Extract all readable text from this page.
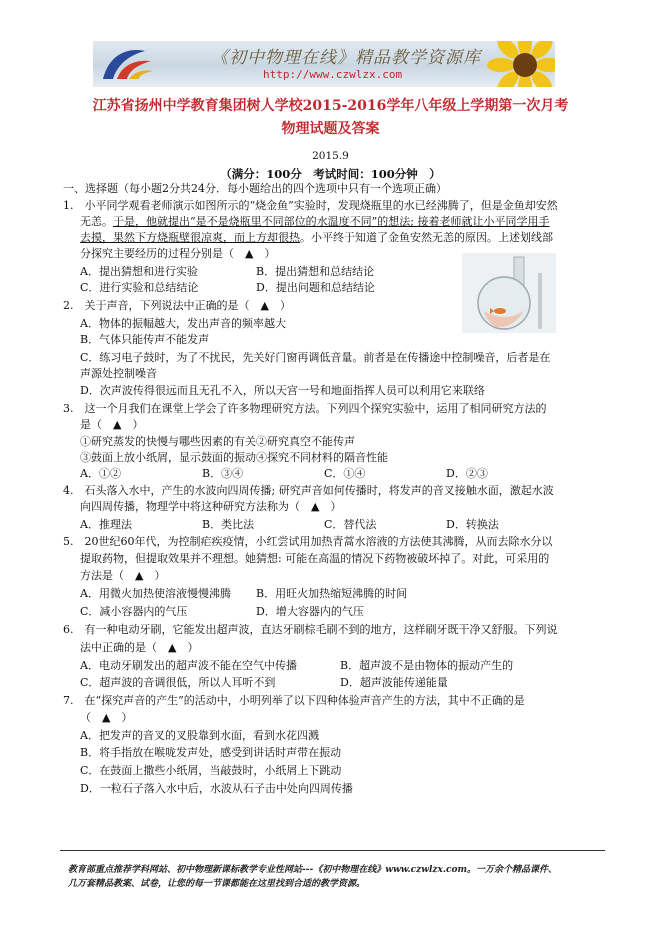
《初中物理在线》精品教学资源库
http://www.czwlzx.com
江苏省扬州中学教育集团树人学校2015-2016学年八年级上学期第一次月考
物理试题及答案
2015.9
（满分：100分　考试时间：100分钟　）
一、选择题（每小题2分共24分．每小题给出的四个选项中只有一个选项正确）
1.　小平同学观看老师演示如图所示的“烧金鱼”实验时，发现烧瓶里的水已经沸腾了，但是金鱼却安然
无恙。于是，他就提出“是不是烧瓶里不同部位的水温度不同”的想法; 接着老师就让小平同学用手
去摸，果然下方烧瓶壁很凉爽，而上方却很热。小平终于知道了金鱼安然无恙的原因。上述划线部
分探究主要经历的过程分别是（　▲　）
A．提出猜想和进行实验	B．提出猜想和总结结论
C．进行实验和总结结论	D．提出问题和总结结论
2.　关于声音，下列说法中正确的是（　▲　）
A．物体的振幅越大，发出声音的频率越大
B．气体只能传声不能发声
C．练习电子鼓时，为了不扰民，先关好门窗再调低音量。前者是在传播途中控制噪音，后者是在
声源处控制噪音
D．次声波传得很远而且无孔不入，所以天宫一号和地面指挥人员可以利用它来联络
3.　这一个月我们在课堂上学会了许多物理研究方法。下列四个探究实验中，运用了相同研究方法的
是（　▲　）
①研究蒸发的快慢与哪些因素的有关 ②研究真空不能传声
③鼓面上放小纸屑，显示鼓面的振动 ④探究不同材料的隔音性能
A．①②	B．③④	C．①④	D．②③
4.　石头落入水中，产生的水波向四周传播; 研究声音如何传播时，将发声的音叉接触水面，激起水波
向四周传播，物理学中将这种研究方法称为（　▲　）
A．推理法	B．类比法	C．替代法	D．转换法
5.　20世纪60年代，为控制疟疾疫情，小红尝试用加热青蒿水溶液的方法使其沸腾，从而去除水分以
提取药物，但提取效果并不理想。她猜想: 可能在高温的情况下药物被破坏掉了。对此，可采用的
方法是（　▲　）
A．用微火加热使溶液慢慢沸腾 B．用旺火加热缩短沸腾的时间
C．减小容器内的气压	D．增大容器内的气压
6.　有一种电动牙刷，它能发出超声波，直达牙刷棕毛刷不到的地方，这样刷牙既干净又舒服。下列说
法中正确的是（　▲　）
A．电动牙刷发出的超声波不能在空气中传播	B．超声波不是由物体的振动产生的
C．超声波的音调很低，所以人耳听不到	D．超声波能传递能量
7.　在“探究声音的产生”的活动中，小明列举了以下四种体验声音产生的方法，其中不正确的是
（　▲　）
A．把发声的音叉的叉股靠到水面，看到水花四溅
B．将手指放在喉咙发声处，感受到讲话时声带在振动
C．在鼓面上撒些小纸屑，当敲鼓时，小纸屑上下跳动
D．一粒石子落入水中后，水波从石子击中处向四周传播
教育部重点推荐学科网站、初中物理新课标教学专业性网站---《初中物理在线》www.czwlzx.com。一万余个精品课件、
几万套精品教案、试卷，让您的每一节课都能在这里找到合适的教学资源。
